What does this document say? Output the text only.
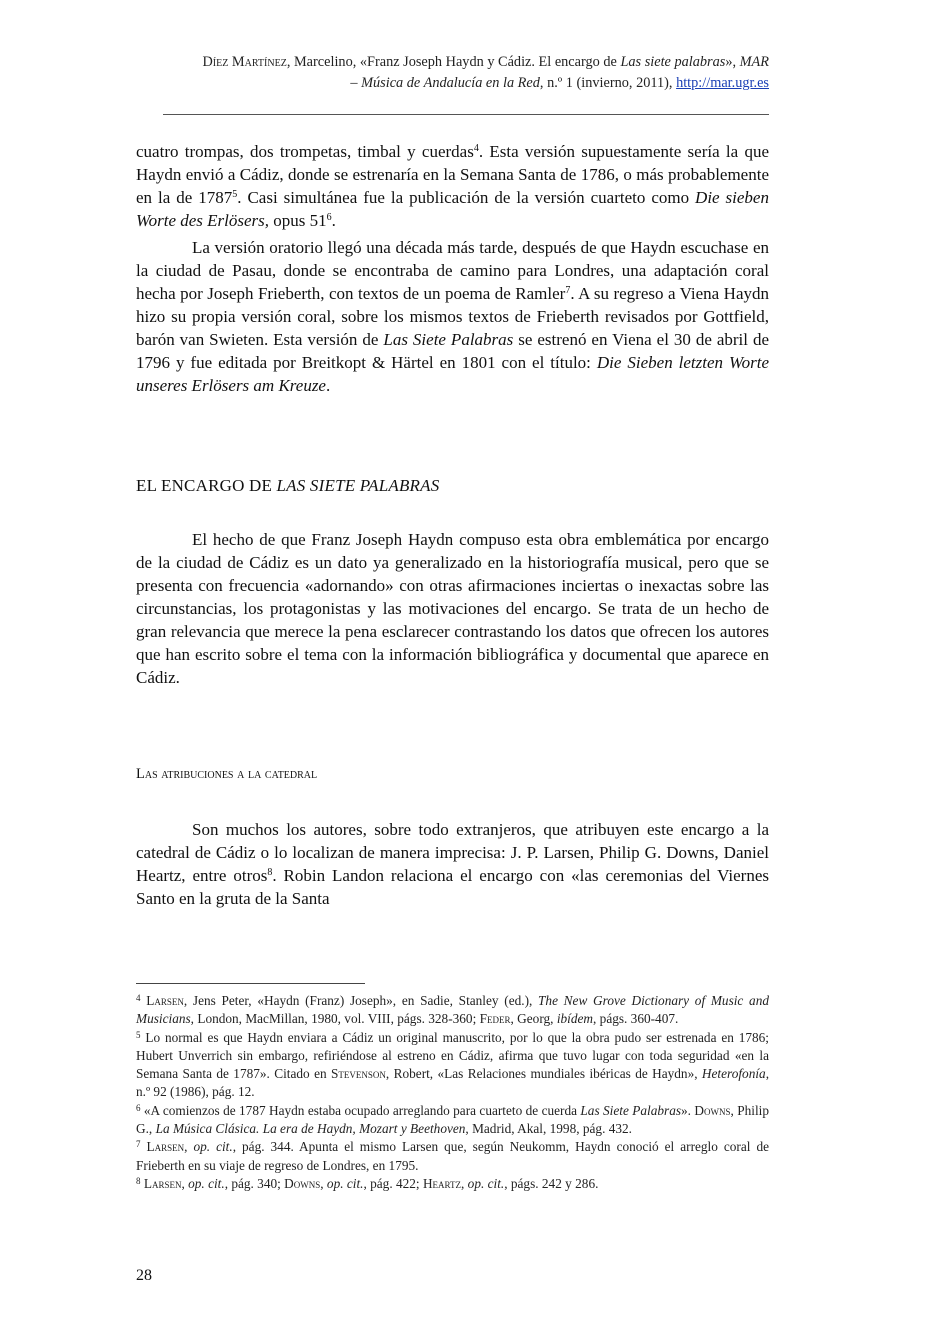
Díez Martínez, Marcelino, «Franz Joseph Haydn y Cádiz. El encargo de Las siete palabras», MAR
– Música de Andalucía en la Red, n.º 1 (invierno, 2011), http://mar.ugr.es

cuatro trompas, dos trompetas, timbal y cuerdas$^4$. Esta versión supuestamente sería la que Haydn envió a Cádiz, donde se estrenaría en la Semana Santa de 1786, o más probablemente en la de 1787$^5$. Casi simultánea fue la publicación de la versión cuarteto como Die sieben Worte des Erlösers, opus $51^6$.

La versión oratorio llegó una década más tarde, después de que Haydn escuchase en la ciudad de Pasau, donde se encontraba de camino para Londres, una adaptación coral hecha por Joseph Frieberth, con textos de un poema de Ramler$^7$. A su regreso a Viena Haydn hizo su propia versión coral, sobre los mismos textos de Frieberth revisados por Gottfield, barón van Swieten. Esta versión de Las Siete Palabras se estrenó en Viena el 30 de abril de 1796 y fue editada por Breitkopt & Härtel en 1801 con el título: Die Sieben letzten Worte unseres Erlösers am Kreuze.

EL ENCARGO DE LAS SIETE PALABRAS

El hecho de que Franz Joseph Haydn compuso esta obra emblemática por encargo de la ciudad de Cádiz es un dato ya generalizado en la historiografía musical, pero que se presenta con frecuencia «adornando» con otras afirmaciones inciertas o inexactas sobre las circunstancias, los protagonistas y las motivaciones del encargo. Se trata de un hecho de gran relevancia que merece la pena esclarecer contrastando los datos que ofrecen los autores que han escrito sobre el tema con la información bibliográfica y documental que aparece en Cádiz.

Las atribuciones a la catedral

Son muchos los autores, sobre todo extranjeros, que atribuyen este encargo a la catedral de Cádiz o lo localizan de manera imprecisa: J. P. Larsen, Philip G. Downs, Daniel Heartz, entre otros$^8$. Robin Landon relaciona el encargo con «las ceremonias del Viernes Santo en la gruta de la Santa

$^4$ Larsen, Jens Peter, «Haydn (Franz) Joseph», en Sadie, Stanley (ed.), The New Grove Dictionary of Music and Musicians, London, MacMillan, 1980, vol. VIII, págs. 328-360; Feder, Georg, ibídem, págs. 360-407.

$^5$ Lo normal es que Haydn enviara a Cádiz un original manuscrito, por lo que la obra pudo ser estrenada en 1786; Hubert Unverrich sin embargo, refiriéndose al estreno en Cádiz, afirma que tuvo lugar con toda seguridad «en la Semana Santa de 1787». Citado en Stevenson, Robert, «Las Relaciones mundiales ibéricas de Haydn», Heterofonía, n.º 92 (1986), pág. 12.

$^6$ «A comienzos de 1787 Haydn estaba ocupado arreglando para cuarteto de cuerda Las Siete Palabras». Downs, Philip G., La Música Clásica. La era de Haydn, Mozart y Beethoven, Madrid, Akal, 1998, pág. 432.

$^7$ Larsen, op. cit., pág. 344. Apunta el mismo Larsen que, según Neukomm, Haydn conoció el arreglo coral de Frieberth en su viaje de regreso de Londres, en 1795.

$^8$ Larsen, op. cit., pág. 340; Downs, op. cit., pág. 422; Heartz, op. cit., págs. 242 y 286.

28
